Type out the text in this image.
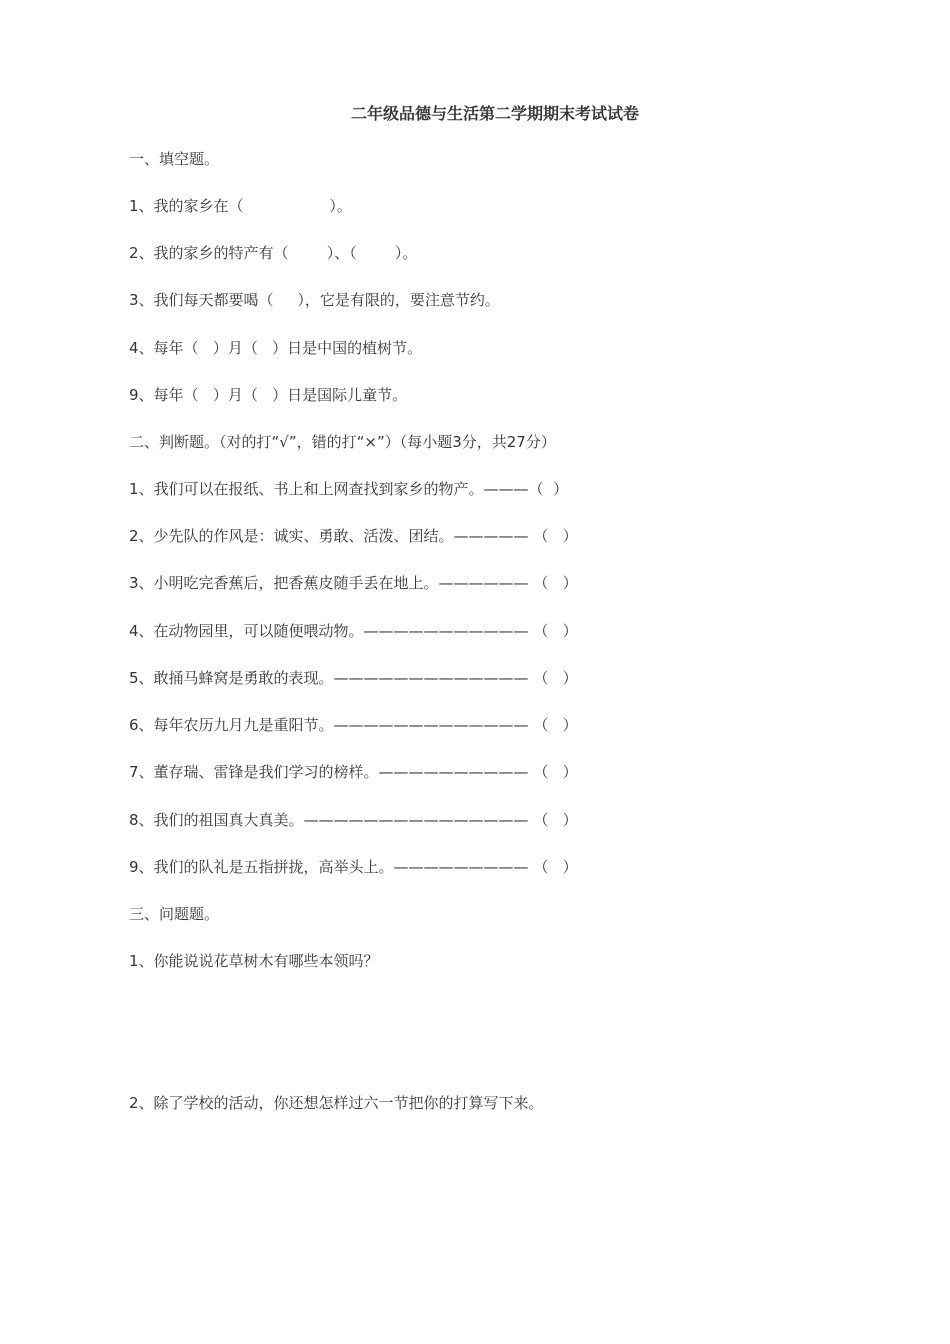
二年级品德与生活第二学期期末考试试卷
一、填空题。
1、我的家乡在（                  ）。
2、我的家乡的特产有（        ）、（        ）。
3、我们每天都要喝（     ），它是有限的，要注意节约。
4、每年（   ）月（   ）日是中国的植树节。
9、每年（   ）月（   ）日是国际儿童节。
二、判断题。（对的打“√”，错的打“×”）（每小题3分，共27分）
1、我们可以在报纸、书上和上网查找到家乡的物产。———（  ）
2、少先队的作风是：诚实、勇敢、活泼、团结。————— （   ）
3、小明吃完香蕉后，把香蕉皮随手丢在地上。—————— （   ）
4、在动物园里，可以随便喂动物。——————————— （   ）
5、敢捅马蜂窝是勇敢的表现。————————————— （   ）
6、每年农历九月九是重阳节。————————————— （   ）
7、董存瑞、雷锋是我们学习的榜样。—————————— （   ）
8、我们的祖国真大真美。——————————————— （   ）
9、我们的队礼是五指拼拢，高举头上。————————— （   ）
三、问题题。
1、你能说说花草树木有哪些本领吗？
2、除了学校的活动，你还想怎样过六一节把你的打算写下来。
